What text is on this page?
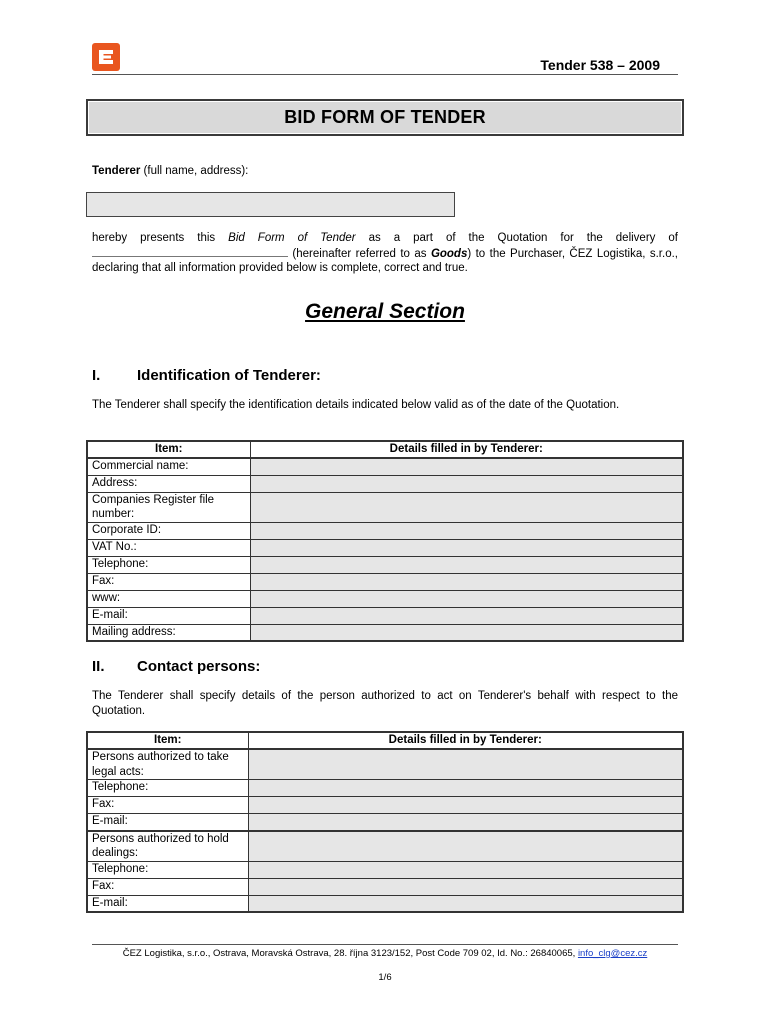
Tender 538 – 2009
BID FORM OF TENDER
Tenderer (full name, address):
hereby presents this Bid Form of Tender as a part of the Quotation for the delivery of  (hereinafter referred to as Goods) to the Purchaser, ČEZ Logistika, s.r.o., declaring that all information provided below is complete, correct and true.
General Section
I. Identification of Tenderer:
The Tenderer shall specify the identification details indicated below valid as of the date of the Quotation.
Item:	Details filled in by Tenderer:
Commercial name:	
Address:	
Companies Register file number:	
Corporate ID:	
VAT No.:	
Telephone:	
Fax:	
www:	
E-mail:	
Mailing address:	
II. Contact persons:
The Tenderer shall specify details of the person authorized to act on Tenderer's behalf with respect to the Quotation.
Item:	Details filled in by Tenderer:
Persons authorized to take legal acts:	
Telephone:	
Fax:	
E-mail:	
Persons authorized to hold dealings:	
Telephone:	
Fax:	
E-mail:	
ČEZ Logistika, s.r.o., Ostrava, Moravská Ostrava, 28. října 3123/152, Post Code 709 02, Id. No.: 26840065, info_clg@cez.cz
1/6
